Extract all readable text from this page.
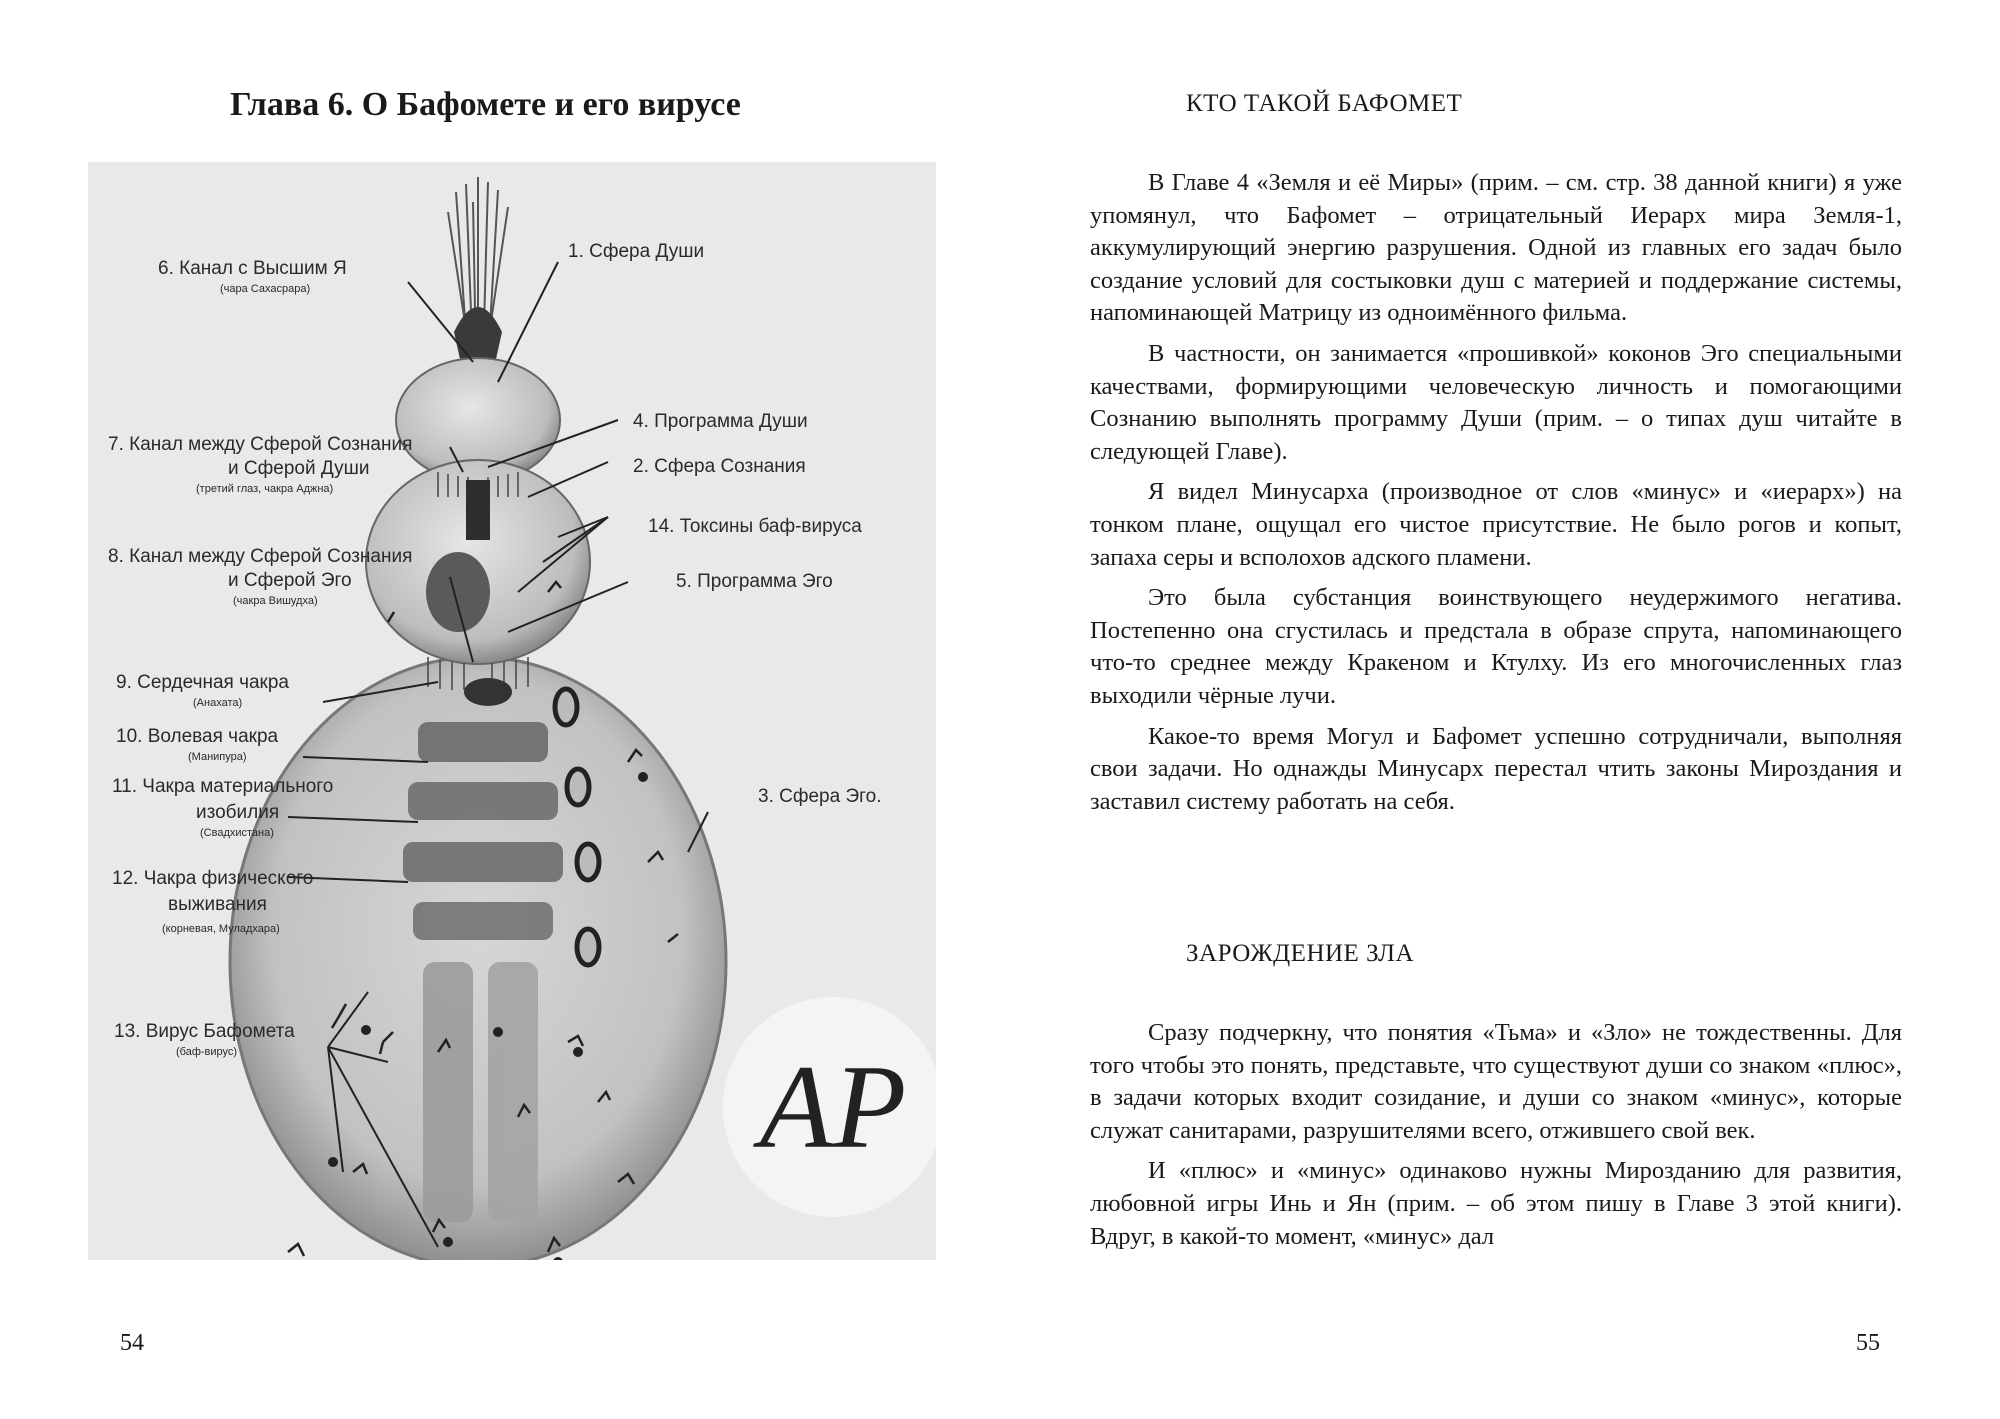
Глава 6. О Бафомете и его вирусе
АР
6. Канал с Высшим Я
(чара Сахасрара)
1. Сфера Души
4. Программа Души
7. Канал между Сферой Сознания
и Сферой Души
(третий глаз, чакра Аджна)
2. Сфера Сознания
14. Токсины баф-вируса
8. Канал между Сферой Сознания
и Сферой Эго
(чакра Вишудха)
5. Программа Эго
9. Сердечная чакра
(Анахата)
10. Волевая чакра
(Манипура)
11. Чакра материального
изобилия
(Свадхистана)
3. Сфера Эго.
12. Чакра физического
выживания
(корневая, Муладхара)
13. Вирус Бафомета
(баф-вирус)
54
КТО ТАКОЙ БАФОМЕТ

В Главе 4 «Земля и её Миры» (прим. – см. стр. 38 данной книги) я уже упомянул, что Бафомет – отрицательный Иерарх мира Земля-1, аккумулирующий энергию разрушения. Одной из главных его задач было создание условий для состыковки душ с материей и поддержание системы, напоминающей Матрицу из одноимённого фильма.

В частности, он занимается «прошивкой» коконов Эго специальными качествами, формирующими человеческую личность и помогающими Сознанию выполнять программу Души (прим. – о типах душ читайте в следующей Главе).

Я видел Минусарха (производное от слов «минус» и «иерарх») на тонком плане, ощущал его чистое присутствие. Не было рогов и копыт, запаха серы и всполохов адского пламени.

Это была субстанция воинствующего неудержимого негатива. Постепенно она сгустилась и предстала в образе спрута, напоминающего что-то среднее между Кракеном и Ктулху. Из его многочисленных глаз выходили чёрные лучи.

Какое-то время Могул и Бафомет успешно сотрудничали, выполняя свои задачи. Но однажды Минусарх перестал чтить законы Мироздания и заставил систему работать на себя.

ЗАРОЖДЕНИЕ ЗЛА

Сразу подчеркну, что понятия «Тьма» и «Зло» не тождественны. Для того чтобы это понять, представьте, что существуют души со знаком «плюс», в задачи которых входит созидание, и души со знаком «минус», которые служат санитарами, разрушителями всего, отжившего свой век.

И «плюс» и «минус» одинаково нужны Мирозданию для развития, любовной игры Инь и Ян (прим. – об этом пишу в Главе 3 этой книги). Вдруг, в какой-то момент, «минус» дал

55
